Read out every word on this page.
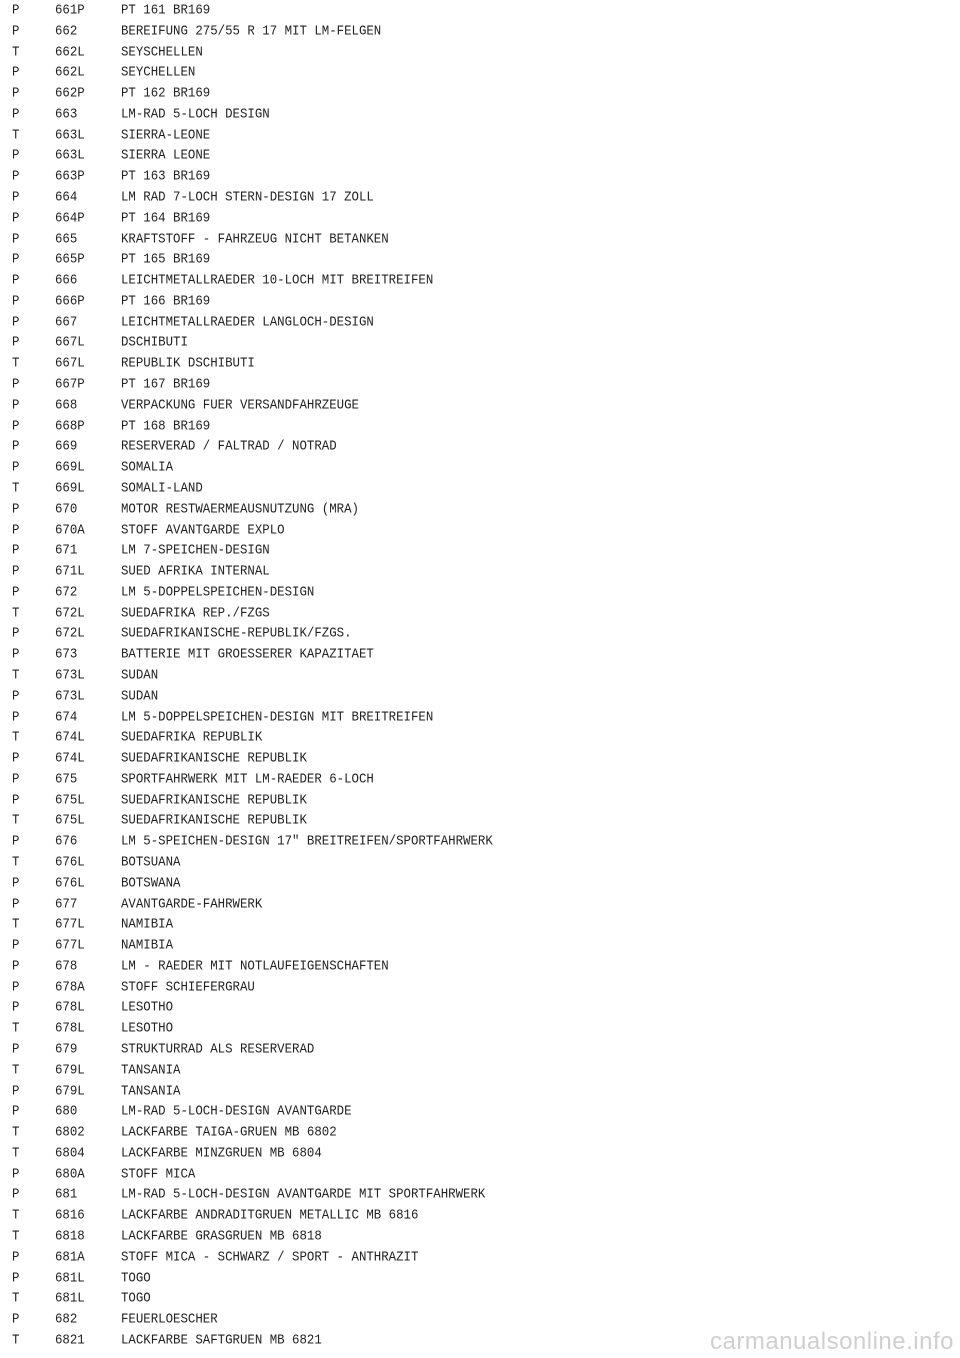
P	661P	PT 161 BR169
P	662	BEREIFUNG 275/55 R 17 MIT LM-FELGEN
T	662L	SEYSCHELLEN
P	662L	SEYCHELLEN
P	662P	PT 162 BR169
P	663	LM-RAD 5-LOCH DESIGN
T	663L	SIERRA-LEONE
P	663L	SIERRA LEONE
P	663P	PT 163 BR169
P	664	LM RAD 7-LOCH STERN-DESIGN 17 ZOLL
P	664P	PT 164 BR169
P	665	KRAFTSTOFF - FAHRZEUG NICHT BETANKEN
P	665P	PT 165 BR169
P	666	LEICHTMETALLRAEDER 10-LOCH MIT BREITREIFEN
P	666P	PT 166 BR169
P	667	LEICHTMETALLRAEDER LANGLOCH-DESIGN
P	667L	DSCHIBUTI
T	667L	REPUBLIK DSCHIBUTI
P	667P	PT 167 BR169
P	668	VERPACKUNG FUER VERSANDFAHRZEUGE
P	668P	PT 168 BR169
P	669	RESERVERAD / FALTRAD / NOTRAD
P	669L	SOMALIA
T	669L	SOMALI-LAND
P	670	MOTOR RESTWAERMEAUSNUTZUNG (MRA)
P	670A	STOFF AVANTGARDE EXPLO
P	671	LM 7-SPEICHEN-DESIGN
P	671L	SUED AFRIKA INTERNAL
P	672	LM 5-DOPPELSPEICHEN-DESIGN
T	672L	SUEDAFRIKA REP./FZGS
P	672L	SUEDAFRIKANISCHE-REPUBLIK/FZGS.
P	673	BATTERIE MIT GROESSERER KAPAZITAET
T	673L	SUDAN
P	673L	SUDAN
P	674	LM 5-DOPPELSPEICHEN-DESIGN MIT BREITREIFEN
T	674L	SUEDAFRIKA REPUBLIK
P	674L	SUEDAFRIKANISCHE REPUBLIK
P	675	SPORTFAHRWERK MIT LM-RAEDER 6-LOCH
P	675L	SUEDAFRIKANISCHE REPUBLIK
T	675L	SUEDAFRIKANISCHE REPUBLIK
P	676	LM 5-SPEICHEN-DESIGN 17" BREITREIFEN/SPORTFAHRWERK
T	676L	BOTSUANA
P	676L	BOTSWANA
P	677	AVANTGARDE-FAHRWERK
T	677L	NAMIBIA
P	677L	NAMIBIA
P	678	LM - RAEDER MIT NOTLAUFEIGENSCHAFTEN
P	678A	STOFF SCHIEFERGRAU
P	678L	LESOTHO
T	678L	LESOTHO
P	679	STRUKTURRAD ALS RESERVERAD
T	679L	TANSANIA
P	679L	TANSANIA
P	680	LM-RAD 5-LOCH-DESIGN AVANTGARDE
T	6802	LACKFARBE TAIGA-GRUEN MB 6802
T	6804	LACKFARBE MINZGRUEN MB 6804
P	680A	STOFF MICA
P	681	LM-RAD 5-LOCH-DESIGN AVANTGARDE MIT SPORTFAHRWERK
T	6816	LACKFARBE ANDRADITGRUEN METALLIC MB 6816
T	6818	LACKFARBE GRASGRUEN MB 6818
P	681A	STOFF MICA - SCHWARZ / SPORT - ANTHRAZIT
P	681L	TOGO
T	681L	TOGO
P	682	FEUERLOESCHER
T	6821	LACKFARBE SAFTGRUEN MB 6821	carmanualsonline.info
